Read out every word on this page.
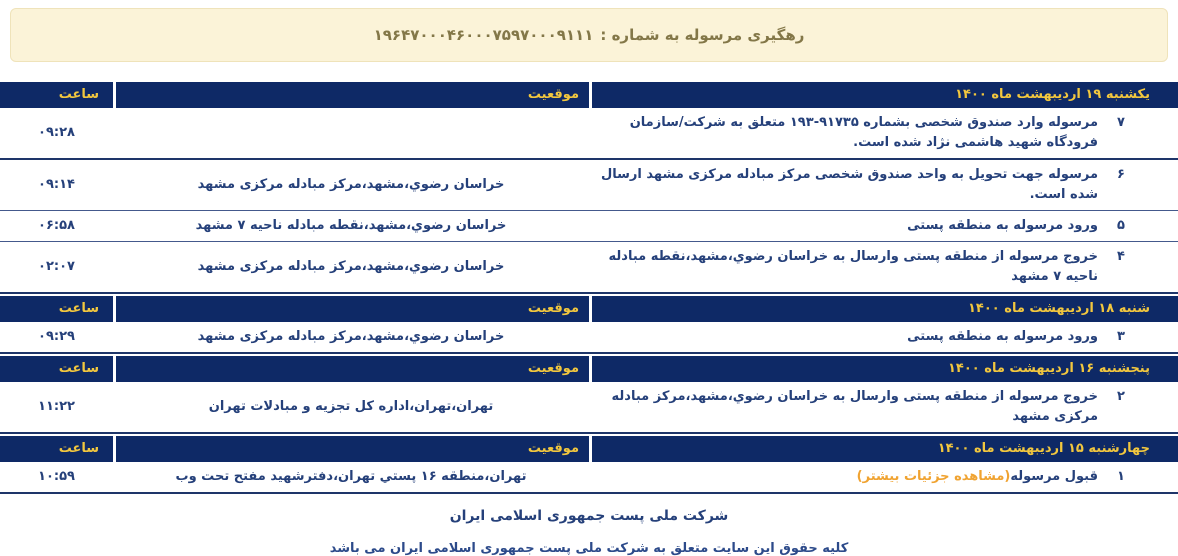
رهگیری مرسوله به شماره :
۱۹۶۴۷۰۰۰۴۶۰۰۰۷۵۹۷۰۰۰۹۱۱۱
یکشنبه ۱۹ اردیبهشت ماه ۱۴۰۰
موقعیت
ساعت
۷
مرسوله وارد صندوق شخصی بشماره ۹۱۷۳۵-۱۹۳ متعلق به شرکت/سازمان فرودگاه شهید هاشمی نژاد شده است.
۰۹:۲۸
۶
مرسوله جهت تحویل به واحد صندوق شخصی مرکز مبادله مرکزی مشهد ارسال شده است.
خراسان رضوي،مشهد،مرکز مبادله مرکزی مشهد
۰۹:۱۴
۵
ورود مرسوله به منطقه پستی
خراسان رضوي،مشهد،نقطه مبادله ناحیه ۷ مشهد
۰۶:۵۸
۴
خروج مرسوله از منطقه پستی وارسال به خراسان رضوي،مشهد،نقطه مبادله ناحیه ۷ مشهد
خراسان رضوي،مشهد،مرکز مبادله مرکزی مشهد
۰۲:۰۷
شنبه ۱۸ اردیبهشت ماه ۱۴۰۰
موقعیت
ساعت
۳
ورود مرسوله به منطقه پستی
خراسان رضوي،مشهد،مرکز مبادله مرکزی مشهد
۰۹:۲۹
پنجشنبه ۱۶ اردیبهشت ماه ۱۴۰۰
موقعیت
ساعت
۲
خروج مرسوله از منطقه پستی وارسال به خراسان رضوي،مشهد،مرکز مبادله مرکزی مشهد
تهران،تهران،اداره کل تجزیه و مبادلات تهران
۱۱:۲۲
چهارشنبه ۱۵ اردیبهشت ماه ۱۴۰۰
موقعیت
ساعت
۱
قبول مرسوله(مشاهده جزئیات بیشتر)
تهران،منطقه ۱۶ پستي تهران،دفترشهید مفتح تحت وب
۱۰:۵۹
شرکت ملی پست جمهوری اسلامی ایران
کلیه حقوق این سایت متعلق به شرکت ملی پست جمهوری اسلامی ایران می باشد
